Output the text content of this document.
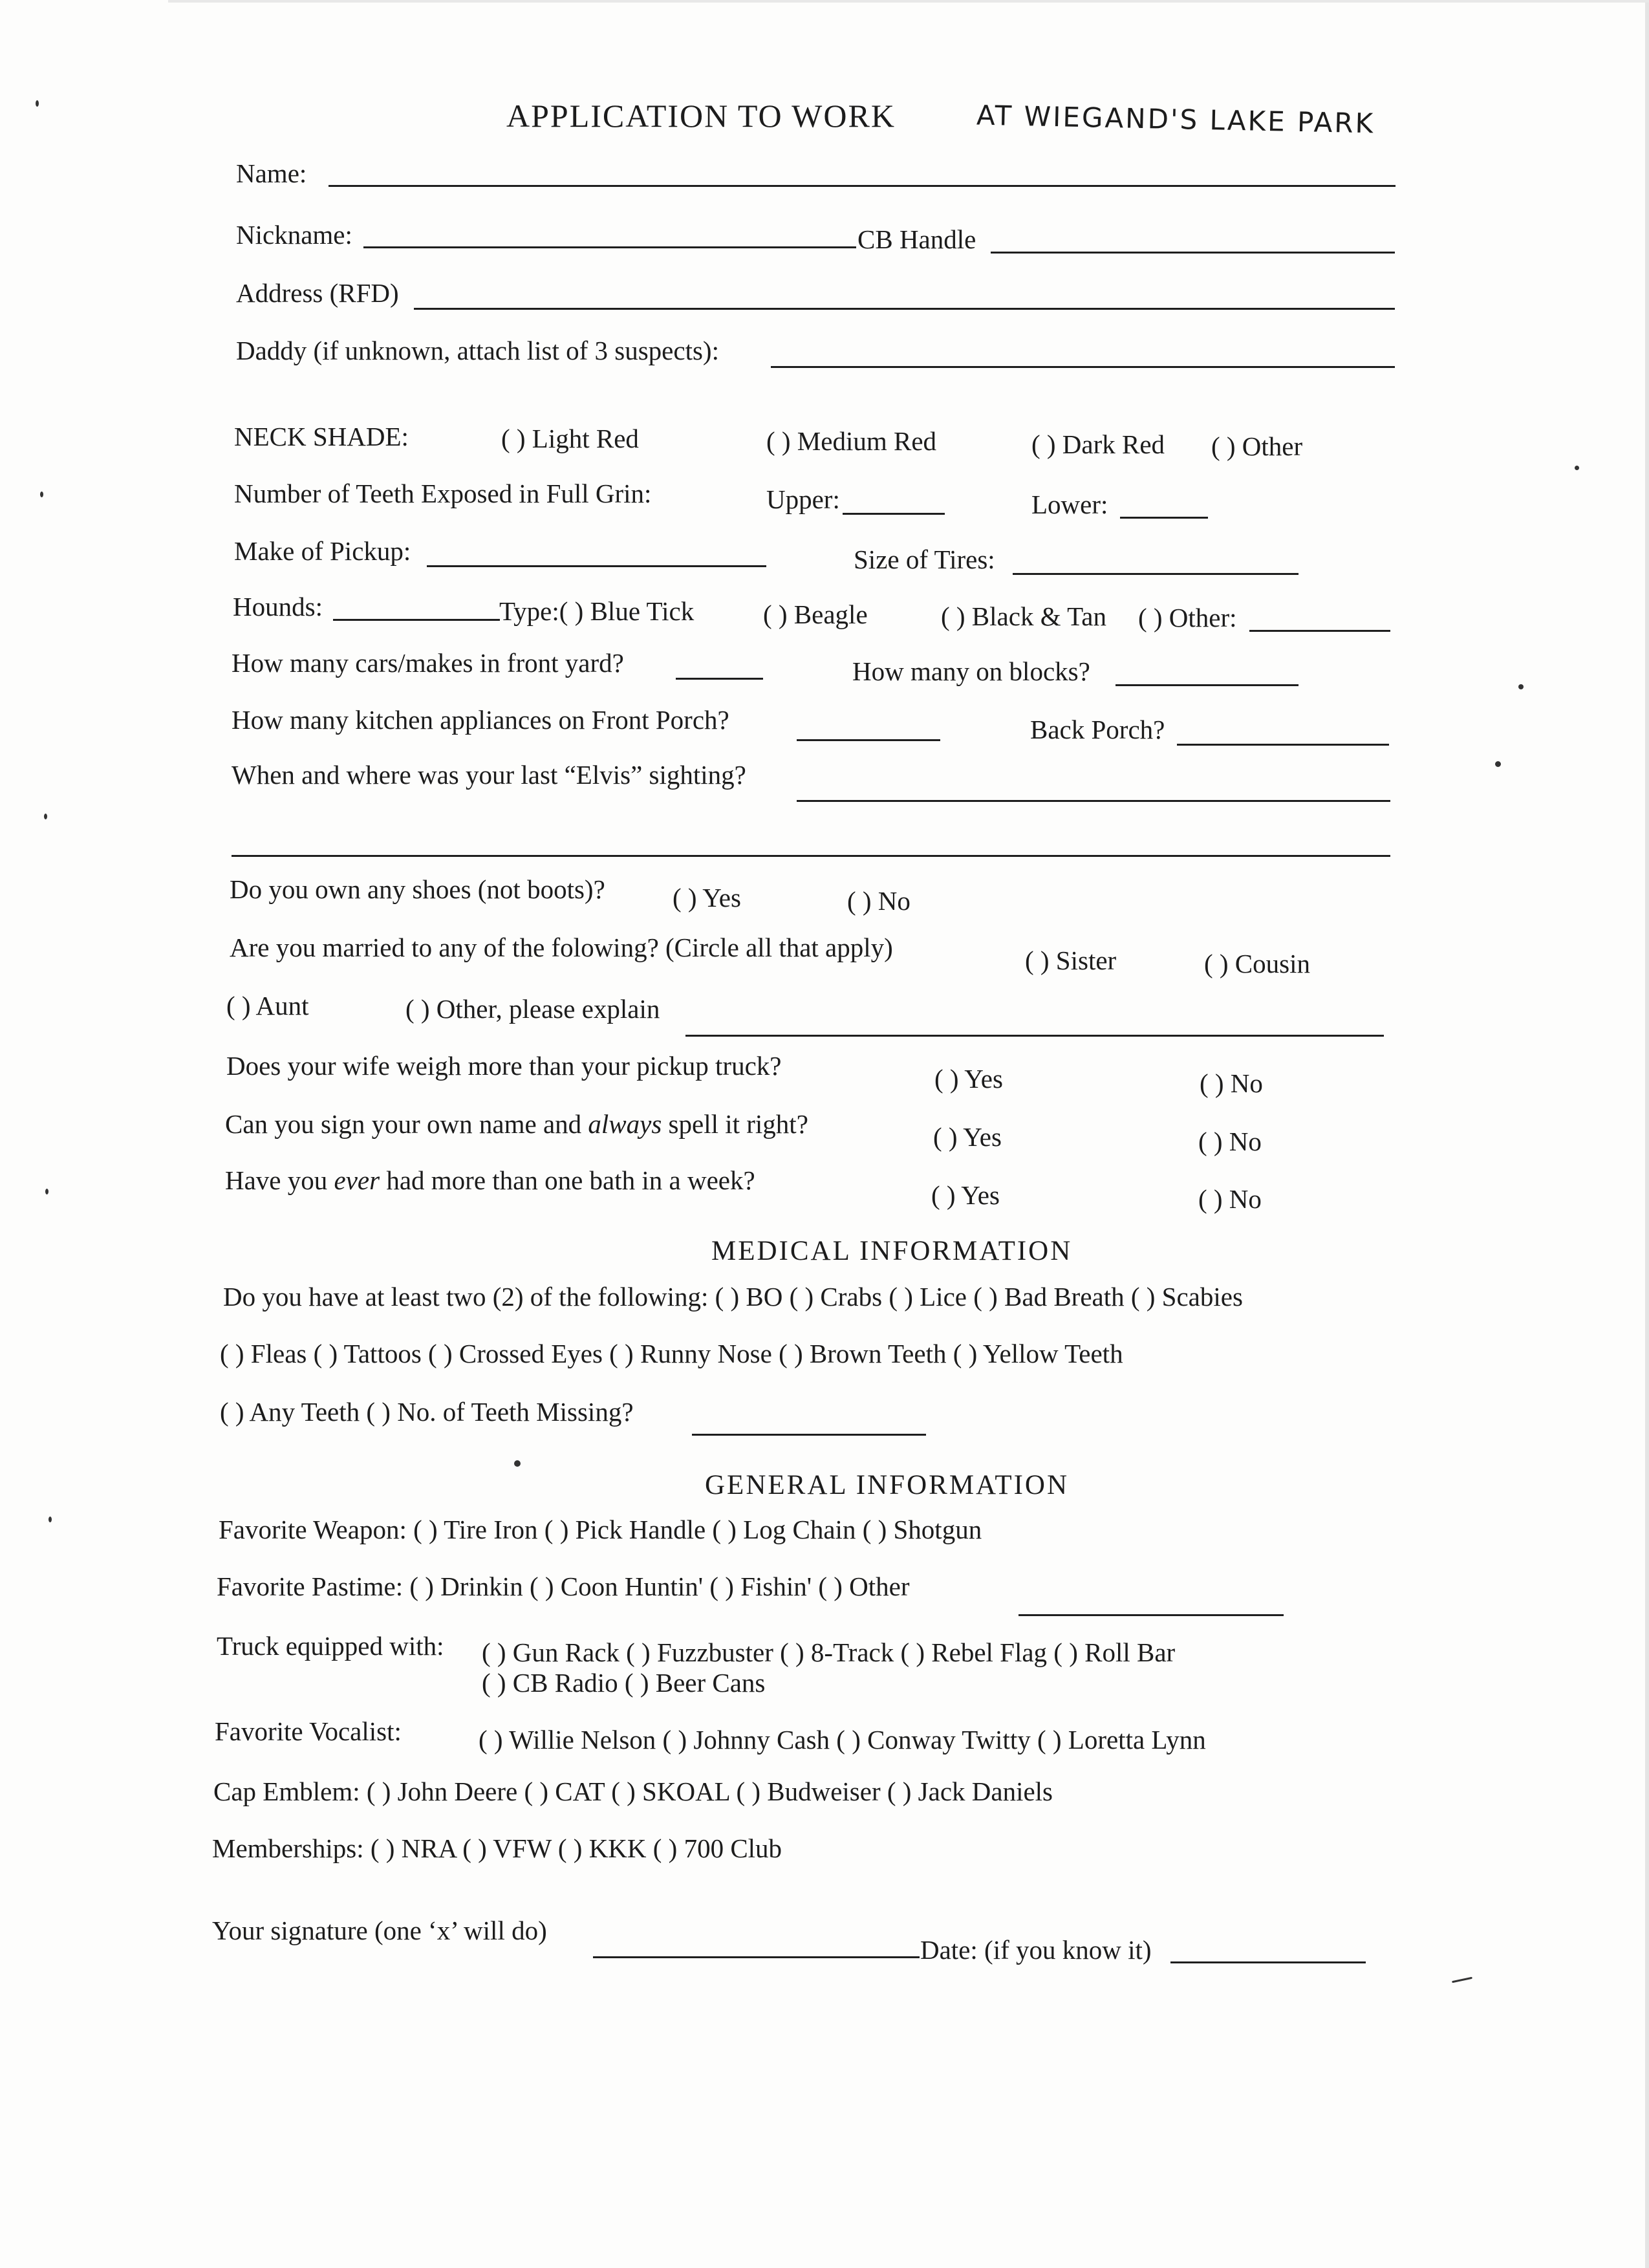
APPLICATION TO WORK	AT WIEGAND'S LAKE PARK
Name:
Nickname:	CB Handle
Address (RFD)
Daddy (if unknown, attach list of 3 suspects):
NECK SHADE:	( ) Light Red	( ) Medium Red	( ) Dark Red ( ) Other
Number of Teeth Exposed in Full Grin:	Upper:	Lower:
Make of Pickup:	Size of Tires:
Hounds:	Type:( ) Blue Tick	( ) Beagle	( ) Black & Tan ( ) Other:
How many cars/makes in front yard?	How many on blocks?
How many kitchen appliances on Front Porch?	Back Porch?
When and where was your last “Elvis” sighting?
Do you own any shoes (not boots)?	( ) Yes	( ) No
Are you married to any of the folowing? (Circle all that apply)	( ) Sister	( ) Cousin
( ) Aunt	( ) Other, please explain
Does your wife weigh more than your pickup truck?	( ) Yes	( ) No
Can you sign your own name and always spell it right?	( ) Yes	( ) No
Have you ever had more than one bath in a week?	( ) Yes	( ) No
MEDICAL INFORMATION
Do you have at least two (2) of the following: ( ) BO ( ) Crabs ( ) Lice ( ) Bad Breath ( ) Scabies
( ) Fleas ( ) Tattoos ( ) Crossed Eyes ( ) Runny Nose ( ) Brown Teeth ( ) Yellow Teeth
( ) Any Teeth ( ) No. of Teeth Missing?
GENERAL INFORMATION
Favorite Weapon: ( ) Tire Iron ( ) Pick Handle ( ) Log Chain ( ) Shotgun
Favorite Pastime: ( ) Drinkin ( ) Coon Huntin' ( ) Fishin' ( ) Other
Truck equipped with: ( ) Gun Rack ( ) Fuzzbuster ( ) 8-Track ( ) Rebel Flag ( ) Roll Bar
( ) CB Radio ( ) Beer Cans
Favorite Vocalist:	( ) Willie Nelson ( ) Johnny Cash ( ) Conway Twitty ( ) Loretta Lynn
Cap Emblem: ( ) John Deere ( ) CAT ( ) SKOAL ( ) Budweiser ( ) Jack Daniels
Memberships: ( ) NRA ( ) VFW ( ) KKK ( ) 700 Club
Your signature (one ‘x’ will do)
Date: (if you know it)
